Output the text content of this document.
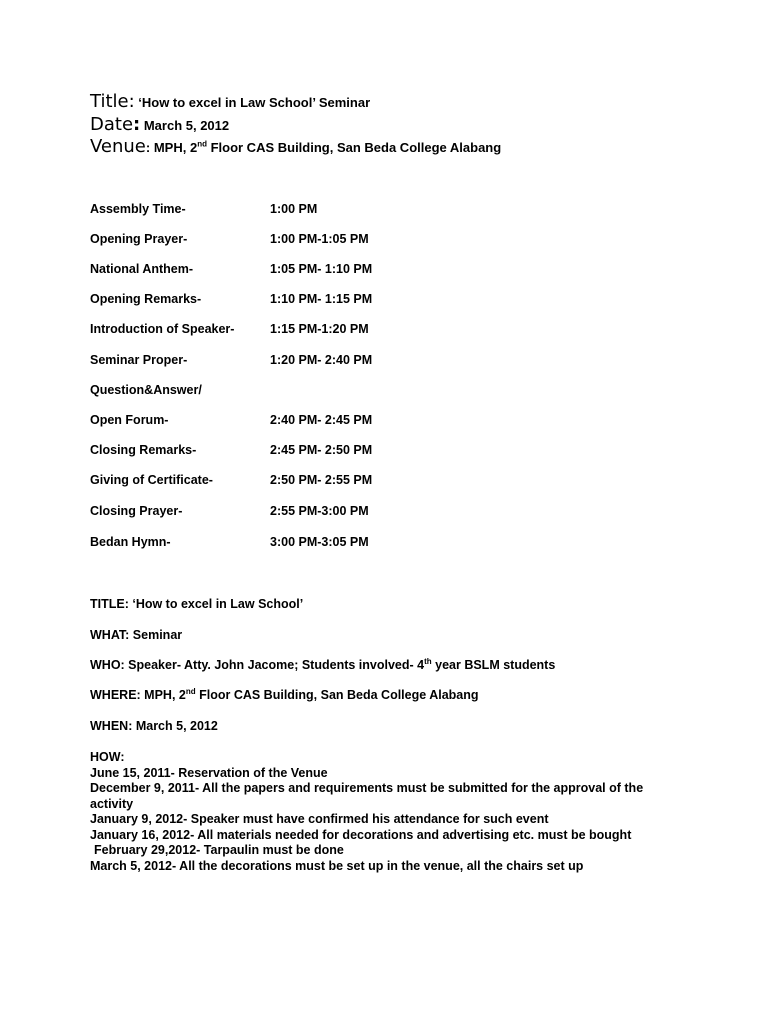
Title: ‘How to excel in Law School’ Seminar
Date: March 5, 2012
Venue: MPH, 2nd Floor CAS Building, San Beda College Alabang
Assembly Time-	1:00 PM
Opening Prayer-	1:00 PM-1:05 PM
National Anthem-	1:05 PM- 1:10 PM
Opening Remarks-	1:10 PM- 1:15 PM
Introduction of Speaker-	1:15 PM-1:20 PM
Seminar Proper-	1:20 PM- 2:40 PM
Question&Answer/
Open Forum-	2:40 PM- 2:45 PM
Closing Remarks-	2:45 PM- 2:50 PM
Giving of Certificate-	2:50 PM- 2:55 PM
Closing Prayer-	2:55 PM-3:00 PM
Bedan Hymn-	3:00 PM-3:05 PM
TITLE: ‘How to excel in Law School’
WHAT: Seminar
WHO: Speaker- Atty. John Jacome; Students involved- 4th year BSLM students
WHERE: MPH, 2nd Floor CAS Building, San Beda College Alabang
WHEN: March 5, 2012
HOW:
June 15, 2011- Reservation of the Venue
December 9, 2011- All the papers and requirements must be submitted for the approval of the activity
January 9, 2012- Speaker must have confirmed his attendance for such event
January 16, 2012- All materials needed for decorations and advertising etc. must be bought
February 29,2012- Tarpaulin must be done
March 5, 2012- All the decorations must be set up in the venue, all the chairs set up
